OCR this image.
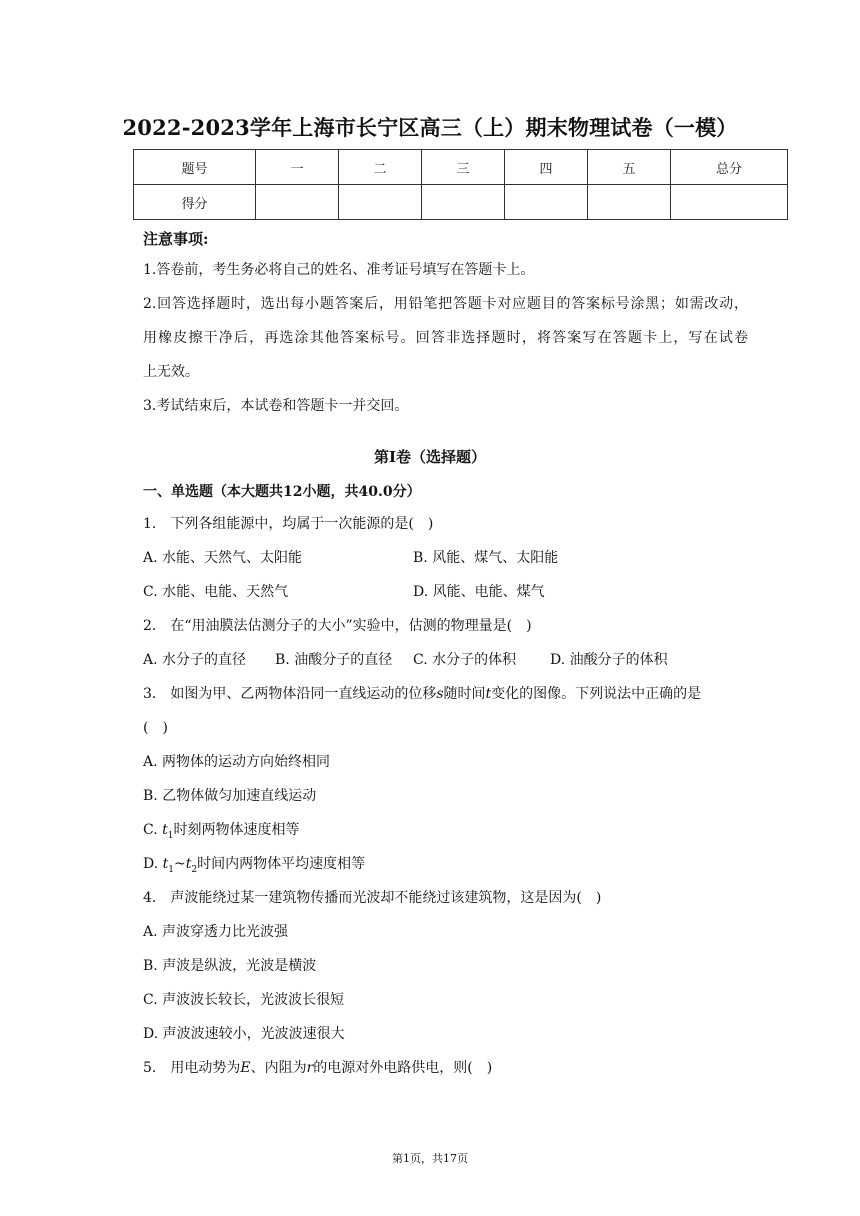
2022-2023学年上海市长宁区高三（上）期末物理试卷（一模）
题号	一	二	三	四	五	总分
得分						
注意事项:
1.答卷前，考生务必将自己的姓名、准考证号填写在答题卡上。
2.回答选择题时，选出每小题答案后，用铅笔把答题卡对应题目的答案标号涂黑；如需改动，
用橡皮擦干净后，再选涂其他答案标号。回答非选择题时，将答案写在答题卡上，写在试卷
上无效。
3.考试结束后，本试卷和答题卡一并交回。
第Ⅰ卷（选择题）
一、单选题（本大题共12小题，共40.0分）
1.　下列各组能源中，均属于一次能源的是(　)
A. 水能、天然气、太阳能	B. 风能、煤气、太阳能
C. 水能、电能、天然气	D. 风能、电能、煤气
2.　在“用油膜法估测分子的大小”实验中，估测的物理量是(　)
A. 水分子的直径 B. 油酸分子的直径 C. 水分子的体积 D. 油酸分子的体积
3.　如图为甲、乙两物体沿同一直线运动的位移s随时间t变化的图像。下列说法中正确的是
(　)
A. 两物体的运动方向始终相同
B. 乙物体做匀加速直线运动
C. $t_1$时刻两物体速度相等
D. $t_1\sim t_2$时间内两物体平均速度相等
4.　声波能绕过某一建筑物传播而光波却不能绕过该建筑物，这是因为(　)
A. 声波穿透力比光波强
B. 声波是纵波，光波是横波
C. 声波波长较长，光波波长很短
D. 声波波速较小，光波波速很大
5.　用电动势为E、内阻为r的电源对外电路供电，则(　)
第1页，共17页
